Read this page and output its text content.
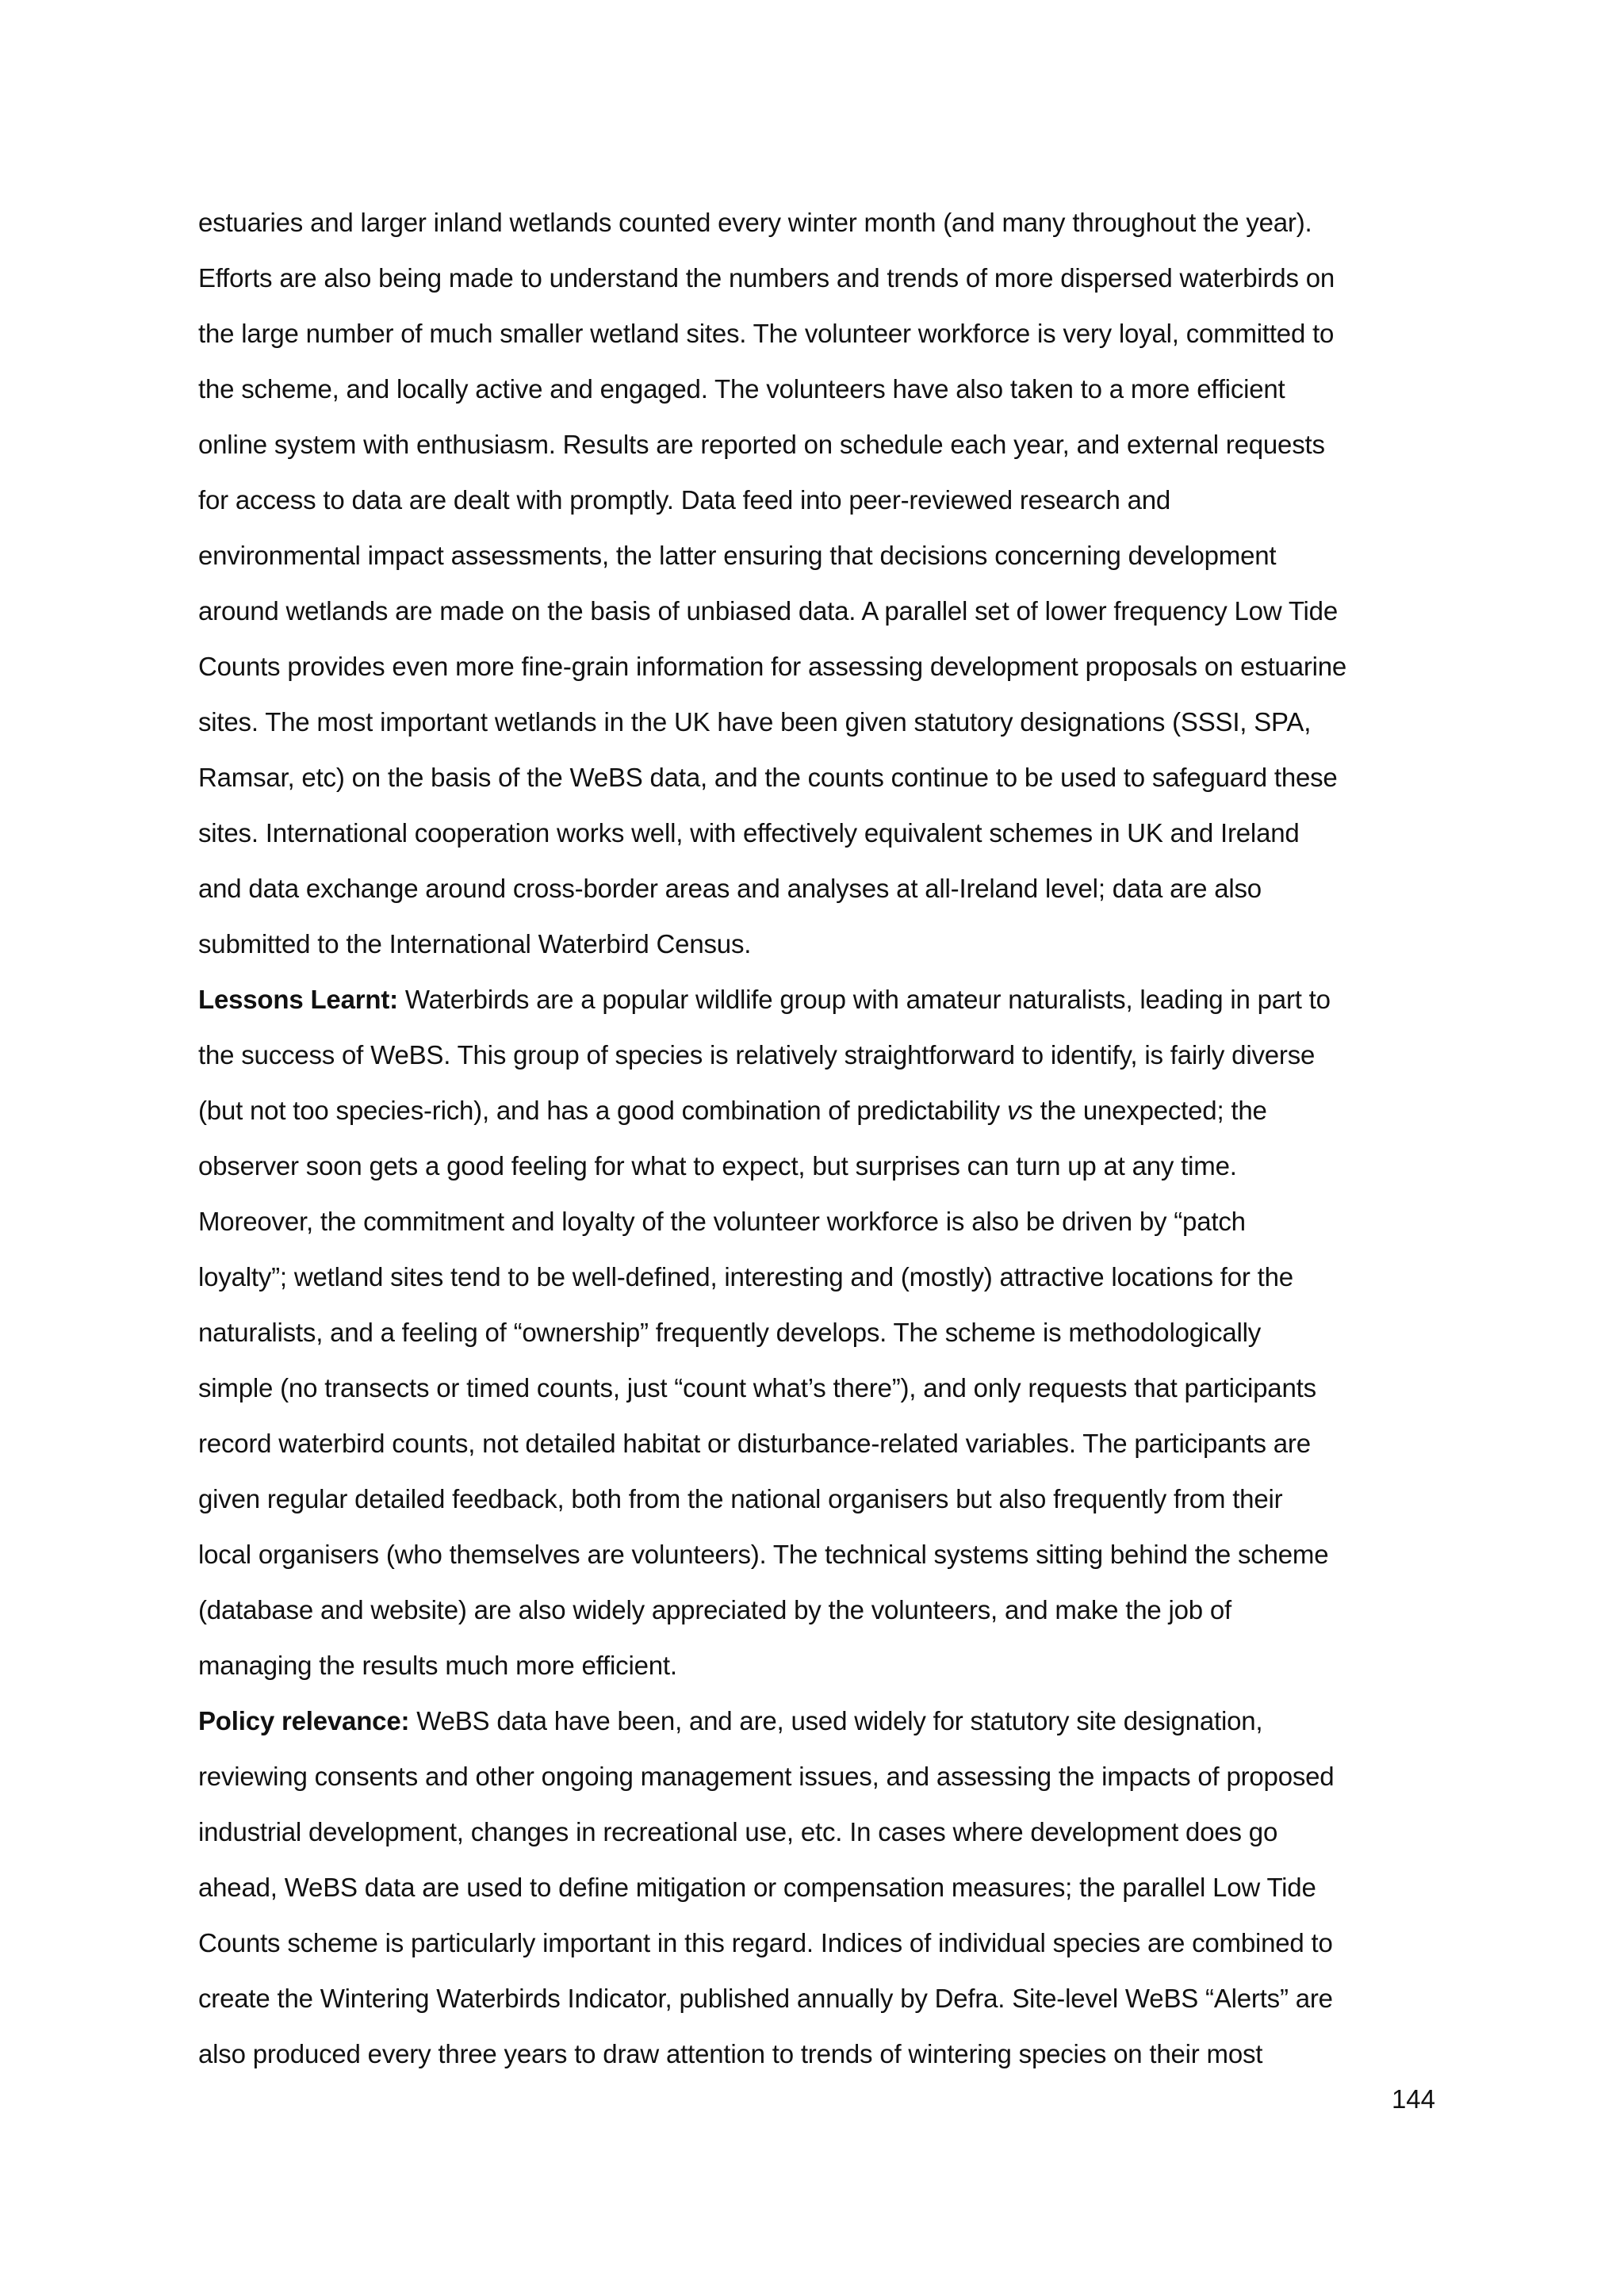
estuaries and larger inland wetlands counted every winter month (and many throughout the year).
Efforts are also being made to understand the numbers and trends of more dispersed waterbirds on
the large number of much smaller wetland sites. The volunteer workforce is very loyal, committed to
the scheme, and locally active and engaged. The volunteers have also taken to a more efficient
online system with enthusiasm. Results are reported on schedule each year, and external requests
for access to data are dealt with promptly. Data feed into peer-reviewed research and
environmental impact assessments, the latter ensuring that decisions concerning development
around wetlands are made on the basis of unbiased data. A parallel set of lower frequency Low Tide
Counts provides even more fine-grain information for assessing development proposals on estuarine
sites. The most important wetlands in the UK have been given statutory designations (SSSI, SPA,
Ramsar, etc) on the basis of the WeBS data, and the counts continue to be used to safeguard these
sites. International cooperation works well, with effectively equivalent schemes in UK and Ireland
and data exchange around cross-border areas and analyses at all-Ireland level; data are also
submitted to the International Waterbird Census.
Lessons Learnt: Waterbirds are a popular wildlife group with amateur naturalists, leading in part to
the success of WeBS. This group of species is relatively straightforward to identify, is fairly diverse
(but not too species-rich), and has a good combination of predictability vs the unexpected; the
observer soon gets a good feeling for what to expect, but surprises can turn up at any time.
Moreover, the commitment and loyalty of the volunteer workforce is also be driven by “patch
loyalty”; wetland sites tend to be well-defined, interesting and (mostly) attractive locations for the
naturalists, and a feeling of “ownership” frequently develops. The scheme is methodologically
simple (no transects or timed counts, just “count what’s there”), and only requests that participants
record waterbird counts, not detailed habitat or disturbance-related variables. The participants are
given regular detailed feedback, both from the national organisers but also frequently from their
local organisers (who themselves are volunteers). The technical systems sitting behind the scheme
(database and website) are also widely appreciated by the volunteers, and make the job of
managing the results much more efficient.
Policy relevance: WeBS data have been, and are, used widely for statutory site designation,
reviewing consents and other ongoing management issues, and assessing the impacts of proposed
industrial development, changes in recreational use, etc. In cases where development does go
ahead, WeBS data are used to define mitigation or compensation measures; the parallel Low Tide
Counts scheme is particularly important in this regard. Indices of individual species are combined to
create the Wintering Waterbirds Indicator, published annually by Defra. Site-level WeBS “Alerts” are
also produced every three years to draw attention to trends of wintering species on their most
144
